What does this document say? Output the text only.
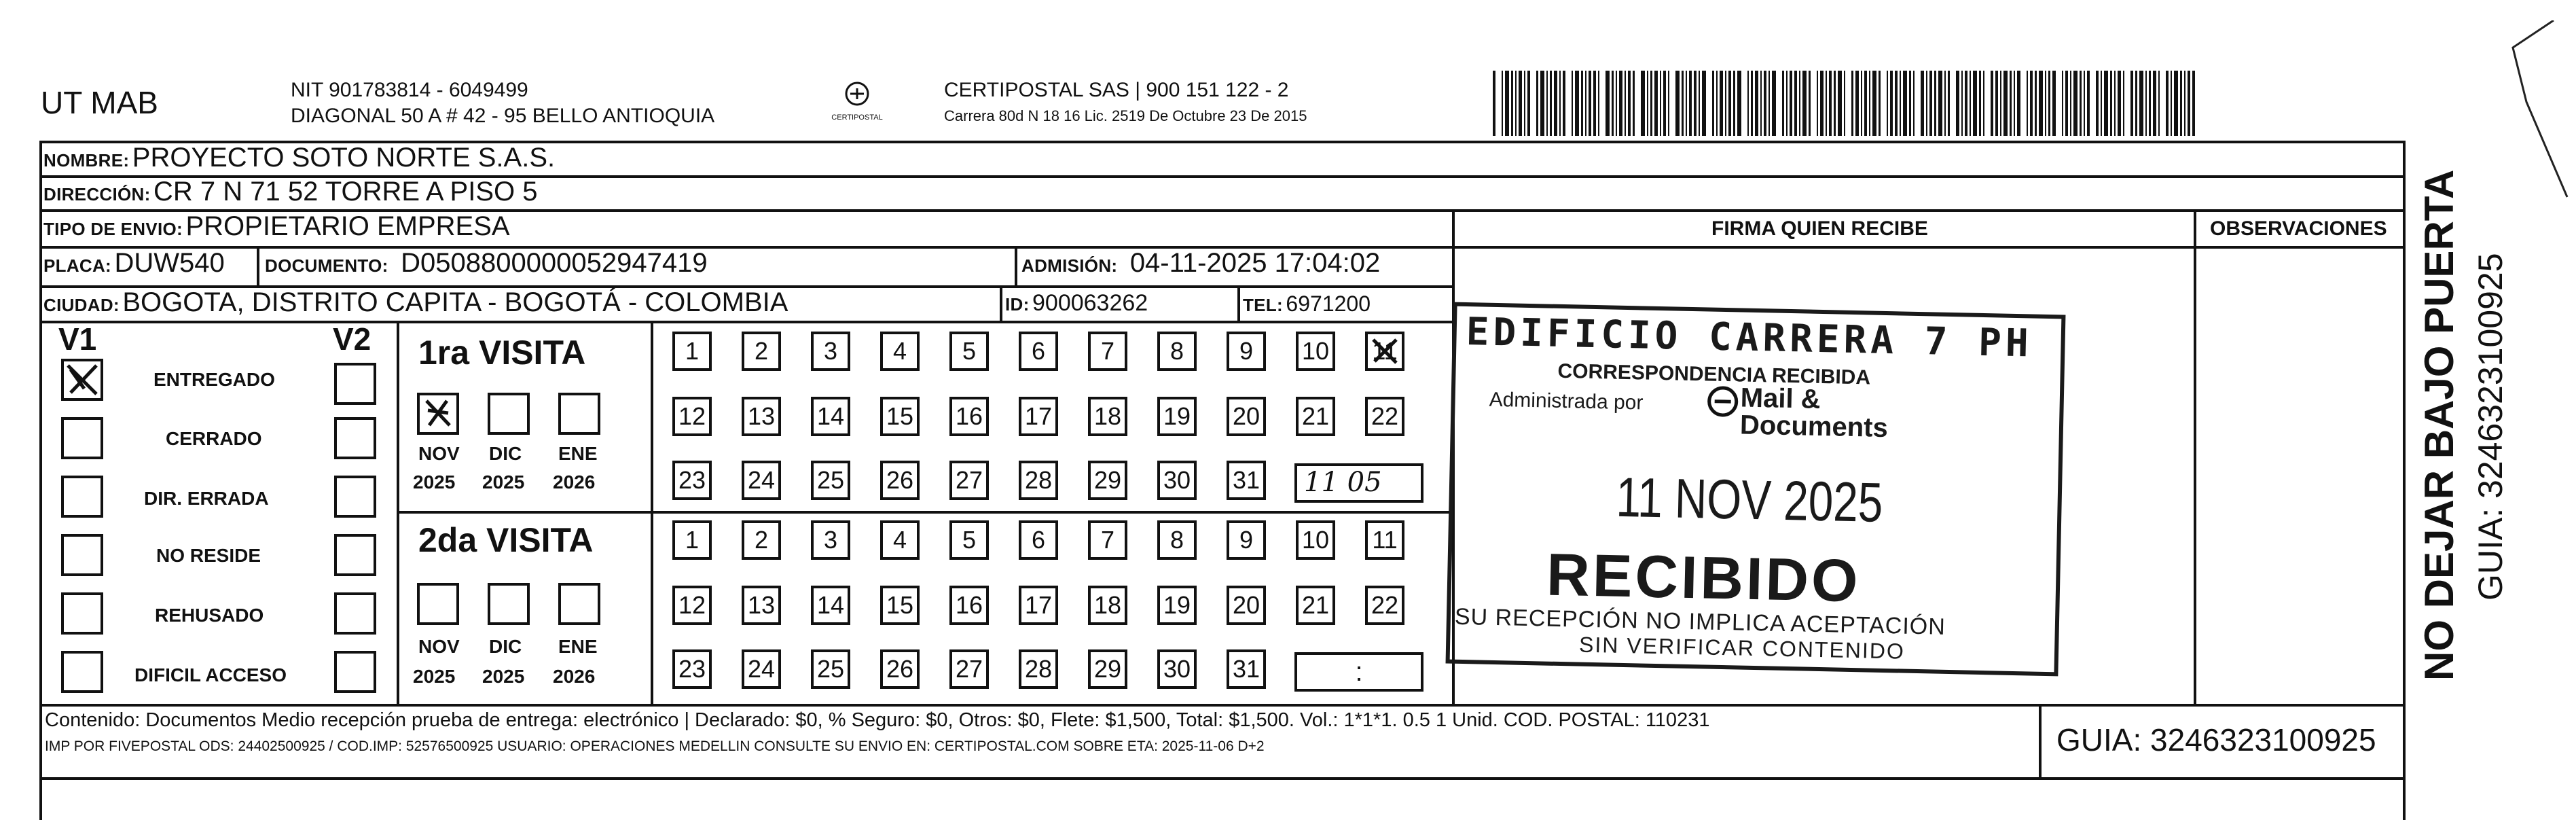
UT MAB	NIT 901783814 - 6049499
DIAGONAL 50 A # 42 - 95 BELLO ANTIOQUIA	CERTIPOSTAL
CERTIPOSTAL SAS | 900 151 122 - 2
Carrera 80d N 18 16 Lic. 2519 De Octubre 23 De 2015
NOMBRE: PROYECTO SOTO NORTE S.A.S.
DIRECCIÓN: CR 7 N 71 52 TORRE A PISO 5
TIPO DE ENVIO: PROPIETARIO EMPRESA	FIRMA QUIEN RECIBE	OBSERVACIONES
PLACA: DUW540 DOCUMENTO: D0508800000052947419	ADMISIÓN: 04-11-2025 17:04:02
CIUDAD: BOGOTA, DISTRITO CAPITA - BOGOTÁ - COLOMBIA	ID: 900063262	TEL: 6971200
V1	V2
ENTREGADO
CERRADO
DIR. ERRADA
NO RESIDE
REHUSADO
DIFICIL ACCESO
1ra VISITA
NOV DIC ENE
2025 2025 2026
2da VISITA
NOV DIC ENE
2025 2025 2026
1	2	3	4	5	6	7	8	9	10 11
12 13 14 15 16 17 18 19 20 21 22
23 24 25 26 27 28 29 30 31
1	2	3	4	5	6	7	8	9	10 11
12 13 14 15 16 17 18 19 20 21 22
23 24 25 26 27 28 29 30 31
11 05
:
EDIFICIO CARRERA 7 PH
CORRESPONDENCIA RECIBIDA
Administrada por	Mail &
Documents
11 NOV 2025
RECIBIDO
SU RECEPCIÓN NO IMPLICA ACEPTACIÓN
SIN VERIFICAR CONTENIDO
Contenido: Documentos Medio recepción prueba de entrega: electrónico | Declarado: $0, % Seguro: $0, Otros: $0, Flete: $1,500, Total: $1,500. Vol.: 1*1*1. 0.5 1 Unid. COD. POSTAL: 110231
IMP POR FIVEPOSTAL ODS: 24402500925 / COD.IMP: 52576500925 USUARIO: OPERACIONES MEDELLIN CONSULTE SU ENVIO EN: CERTIPOSTAL.COM SOBRE ETA: 2025-11-06 D+2	GUIA: 3246323100925
NO DEJAR BAJO PUERTA GUIA: 3246323100925
